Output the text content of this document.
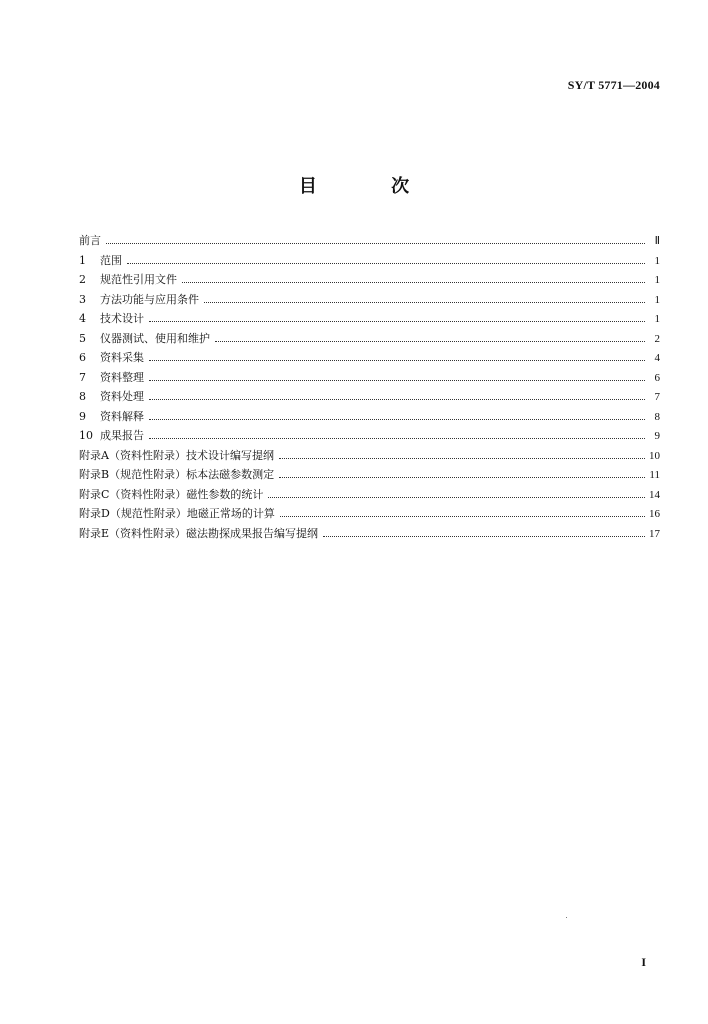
SY/T 5771—2004
目 次
前言	Ⅱ
1 范围	1
2 规范性引用文件	1
3 方法功能与应用条件	1
4 技术设计	1
5 仪器测试、使用和维护	2
6 资料采集	4
7 资料整理	6
8 资料处理	7
9 资料解释	8
10 成果报告	9
附录A（资料性附录）技术设计编写提纲	10
附录B（规范性附录）标本法磁参数测定	11
附录C（资料性附录）磁性参数的统计	14
附录D（规范性附录）地磁正常场的计算	16
附录E（资料性附录）磁法勘探成果报告编写提纲	17
I
